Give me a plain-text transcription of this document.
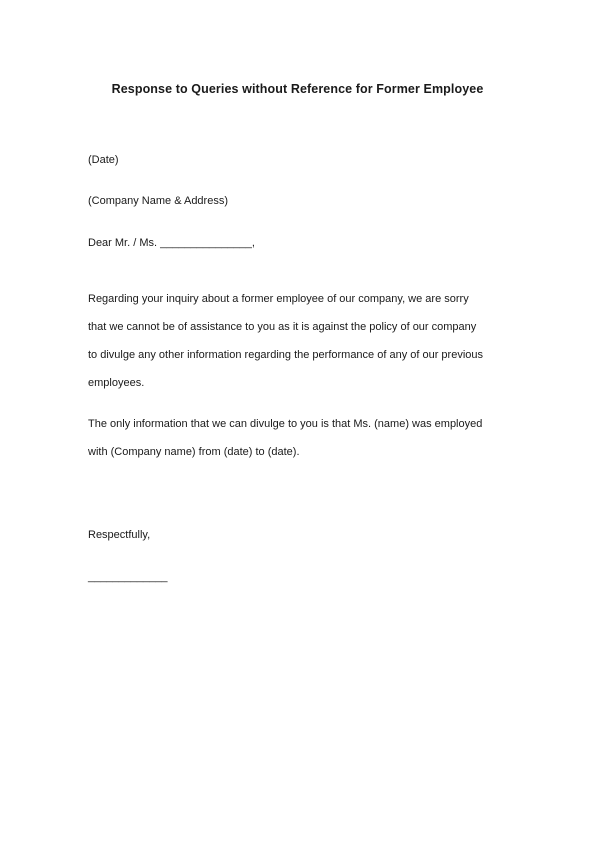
Response to Queries without Reference for Former Employee

(Date)

(Company Name & Address)

Dear Mr. / Ms. _______________,

Regarding your inquiry about a former employee of our company, we are sorry
that we cannot be of assistance to you as it is against the policy of our company
to divulge any other information regarding the performance of any of our previous
employees.
The only information that we can divulge to you is that Ms. (name) was employed
with (Company name) from (date) to (date).

Respectfully,

_____________
